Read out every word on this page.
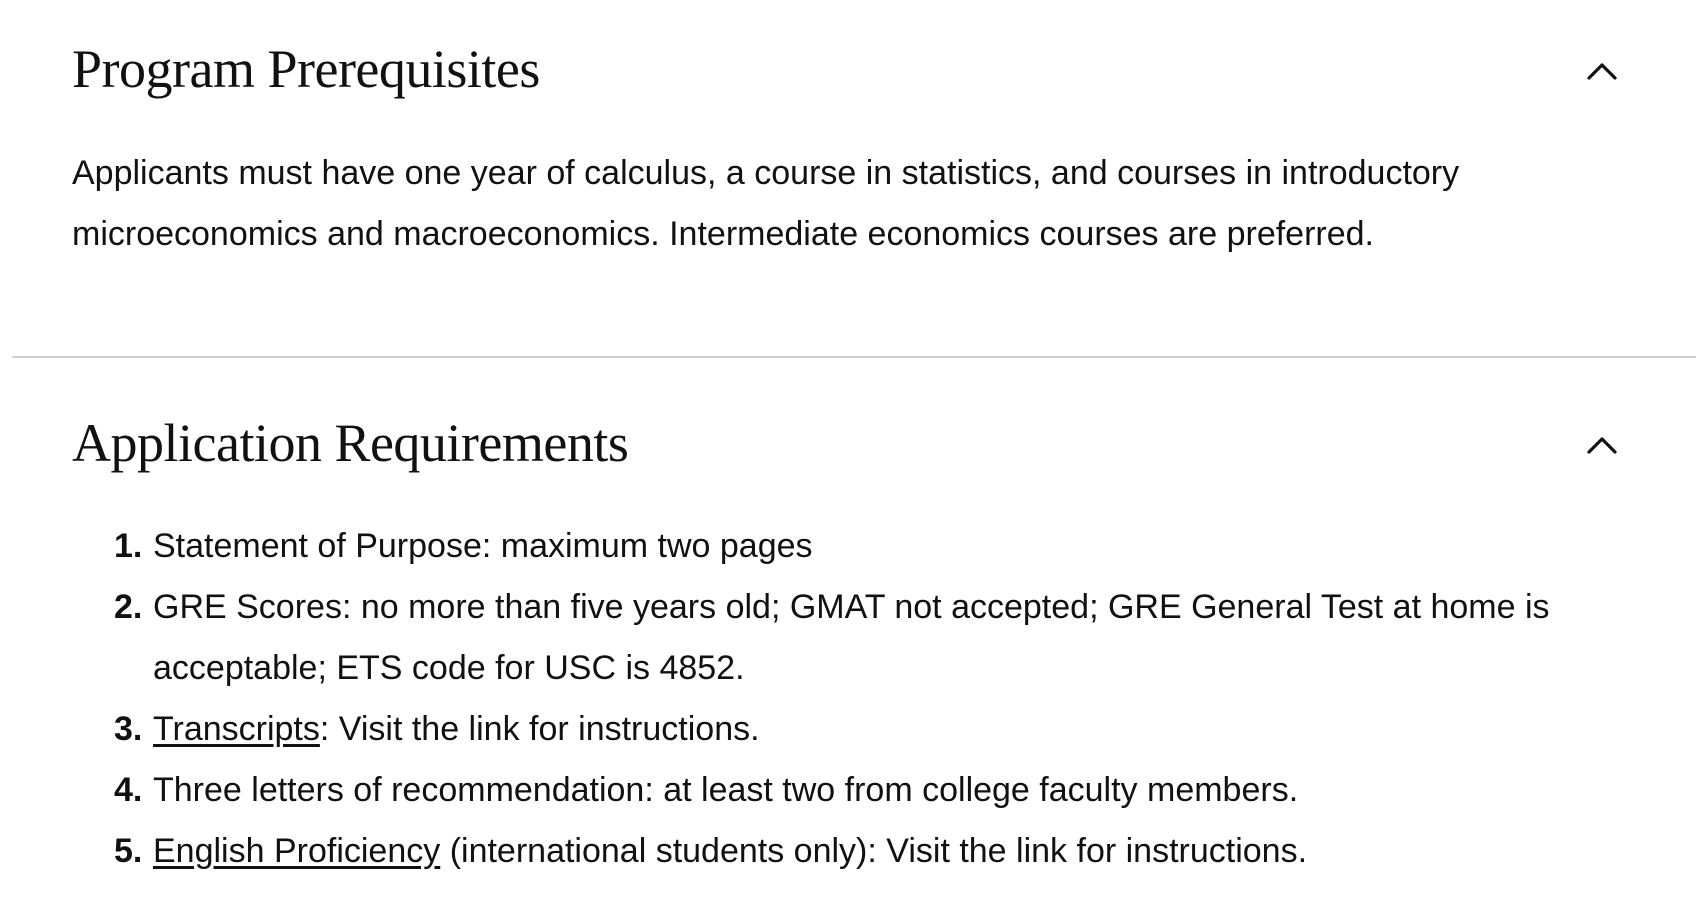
Program Prerequisites

Applicants must have one year of calculus, a course in statistics, and courses in introductory microeconomics and macroeconomics. Intermediate economics courses are preferred.

Application Requirements
1. Statement of Purpose: maximum two pages
2. GRE Scores: no more than five years old; GMAT not accepted; GRE General Test at home is acceptable; ETS code for USC is 4852.
3. Transcripts: Visit the link for instructions.
4. Three letters of recommendation: at least two from college faculty members.
5. English Proficiency (international students only): Visit the link for instructions.
